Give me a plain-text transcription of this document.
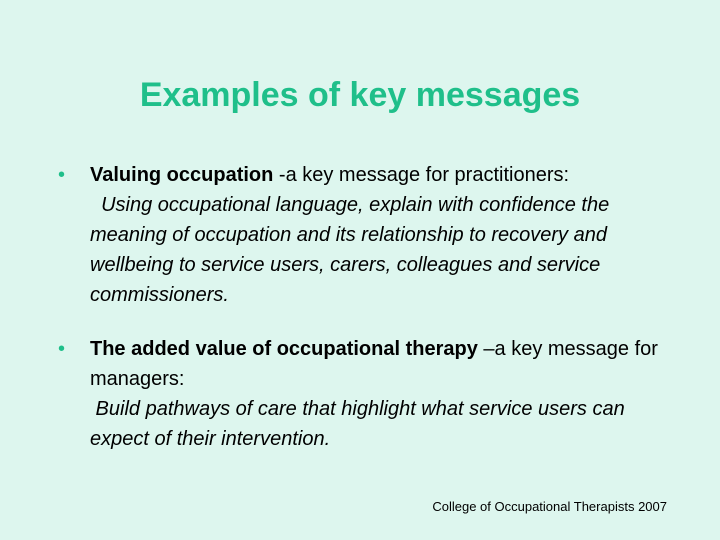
Examples of key messages
• Valuing occupation -a key message for practitioners:
Using occupational language, explain with confidence the meaning of occupation and its relationship to recovery and wellbeing to service users, carers, colleagues and service commissioners.
• The added value of occupational therapy –a key message for managers:
Build pathways of care that highlight what service users can expect of their intervention.
College of Occupational Therapists 2007
